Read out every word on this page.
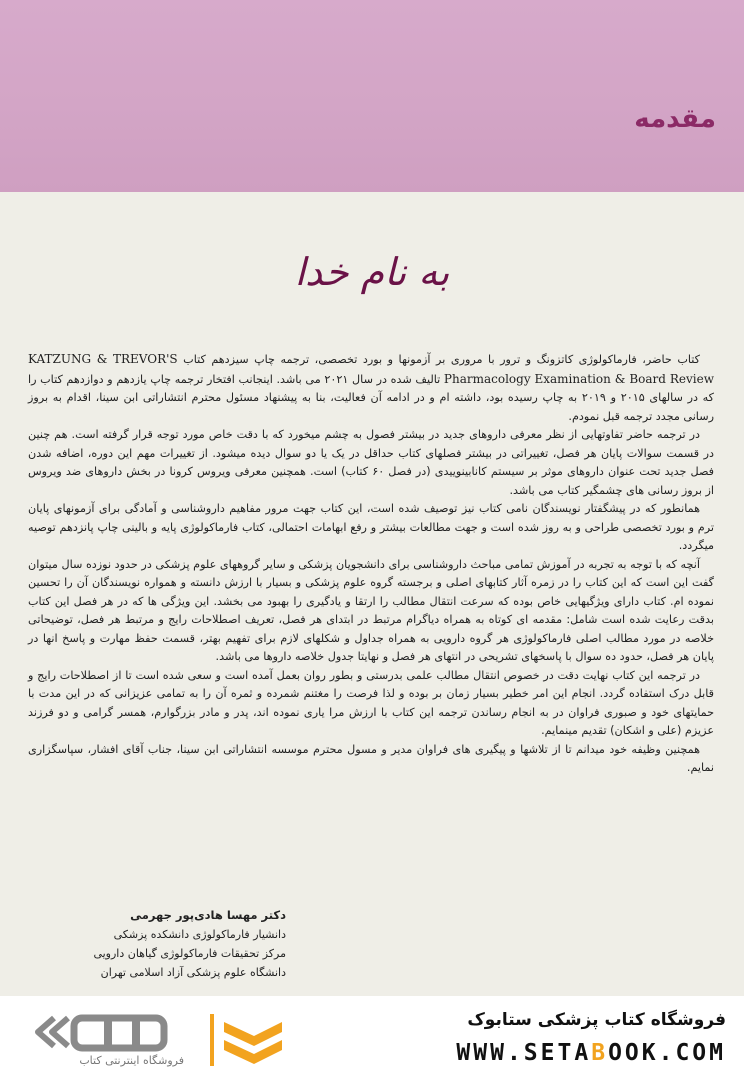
مقدمه

به نام خدا

کتاب حاضر، فارماکولوژی کاتزونگ و ترور با مروری بر آزمونها و بورد تخصصی، ترجمه چاپ سیزدهم کتاب KATZUNG & TREVOR'S Pharmacology Examination & Board Review تالیف شده در سال ۲۰۲۱ می باشد. اینجانب افتخار ترجمه چاپ یازدهم و دوازدهم کتاب را که در سالهای ۲۰۱۵ و ۲۰۱۹ به چاپ رسیده بود، داشته ام و در ادامه آن فعالیت، بنا به پیشنهاد مسئول محترم انتشاراتی ابن سینا، اقدام به بروز رسانی مجدد ترجمه قبل نمودم.

در ترجمه حاضر تفاوتهایی از نظر معرفی داروهای جدید در بیشتر فصول به چشم میخورد که با دقت خاص مورد توجه قرار گرفته است. هم چنین در قسمت سوالات پایان هر فصل، تغییراتی در بیشتر فصلهای کتاب حداقل در یک یا دو سوال دیده میشود. از تغییرات مهم این دوره، اضافه شدن فصل جدید تحت عنوان داروهای موثر بر سیستم کانابینوییدی (در فصل ۶۰ کتاب) است. همچنین معرفی ویروس کرونا در بخش داروهای ضد ویروس از بروز رسانی های چشمگیر کتاب می باشد.

همانطور که در پیشگفتار نویسندگان نامی کتاب نیز توصیف شده است، این کتاب جهت مرور مفاهیم داروشناسی و آمادگی برای آزمونهای پایان ترم و بورد تخصصی طراحی و به روز شده است و جهت مطالعات بیشتر و رفع ابهامات احتمالی، کتاب فارماکولوژی پایه و بالینی چاپ پانزدهم توصیه میگردد.

آنچه که با توجه به تجربه در آموزش تمامی مباحث داروشناسی برای دانشجویان پزشکی و سایر گروههای علوم پزشکی در حدود نوزده سال میتوان گفت این است که این کتاب را در زمره آثار کتابهای اصلی و برجسته گروه علوم پزشکی و بسیار با ارزش دانسته و همواره نویسندگان آن را تحسین نموده ام. کتاب دارای ویژگیهایی خاص بوده که سرعت انتقال مطالب را ارتقا و یادگیری را بهبود می بخشد. این ویژگی ها که در هر فصل این کتاب بدقت رعایت شده است شامل: مقدمه ای کوتاه به همراه دیاگرام مرتبط در ابتدای هر فصل، تعریف اصطلاحات رایج و مرتبط هر فصل، توضیحاتی خلاصه در مورد مطالب اصلی فارماکولوژی هر گروه دارویی به همراه جداول و شکلهای لازم برای تفهیم بهتر، قسمت حفظ مهارت و پاسخ انها در پایان هر فصل، حدود ده سوال با پاسخهای تشریحی در انتهای هر فصل و نهایتا جدول خلاصه داروها می باشد.

در ترجمه این کتاب نهایت دقت در خصوص انتقال مطالب علمی بدرستی و بطور روان بعمل آمده است و سعی شده است تا از اصطلاحات رایج و قابل درک استفاده گردد. انجام این امر خطیر بسیار زمان بر بوده و لذا فرصت را مغتنم شمرده و ثمره آن را به تمامی عزیزانی که در این مدت با حمایتهای خود و صبوری فراوان در به انجام رساندن ترجمه این کتاب با ارزش مرا یاری نموده اند، پدر و مادر بزرگوارم، همسر گرامی و دو فرزند عزیزم (علی و اشکان) تقدیم مینمایم.

همچنین وظیفه خود میدانم تا از تلاشها و پیگیری های فراوان مدیر و مسول محترم موسسه انتشاراتی ابن سینا، جناب آقای افشار، سپاسگزاری نمایم.

دکتر مهسا هادی‌پور جهرمی
دانشیار فارماکولوژی دانشکده پزشکی
مرکز تحقیقات فارماکولوژی گیاهان دارویی
دانشگاه علوم پزشکی آزاد اسلامی تهران
فروشگاه اینترنتی کتاب

فروشگاه کتاب پزشکی ستابوک

WWW.SETABOOK.COM
